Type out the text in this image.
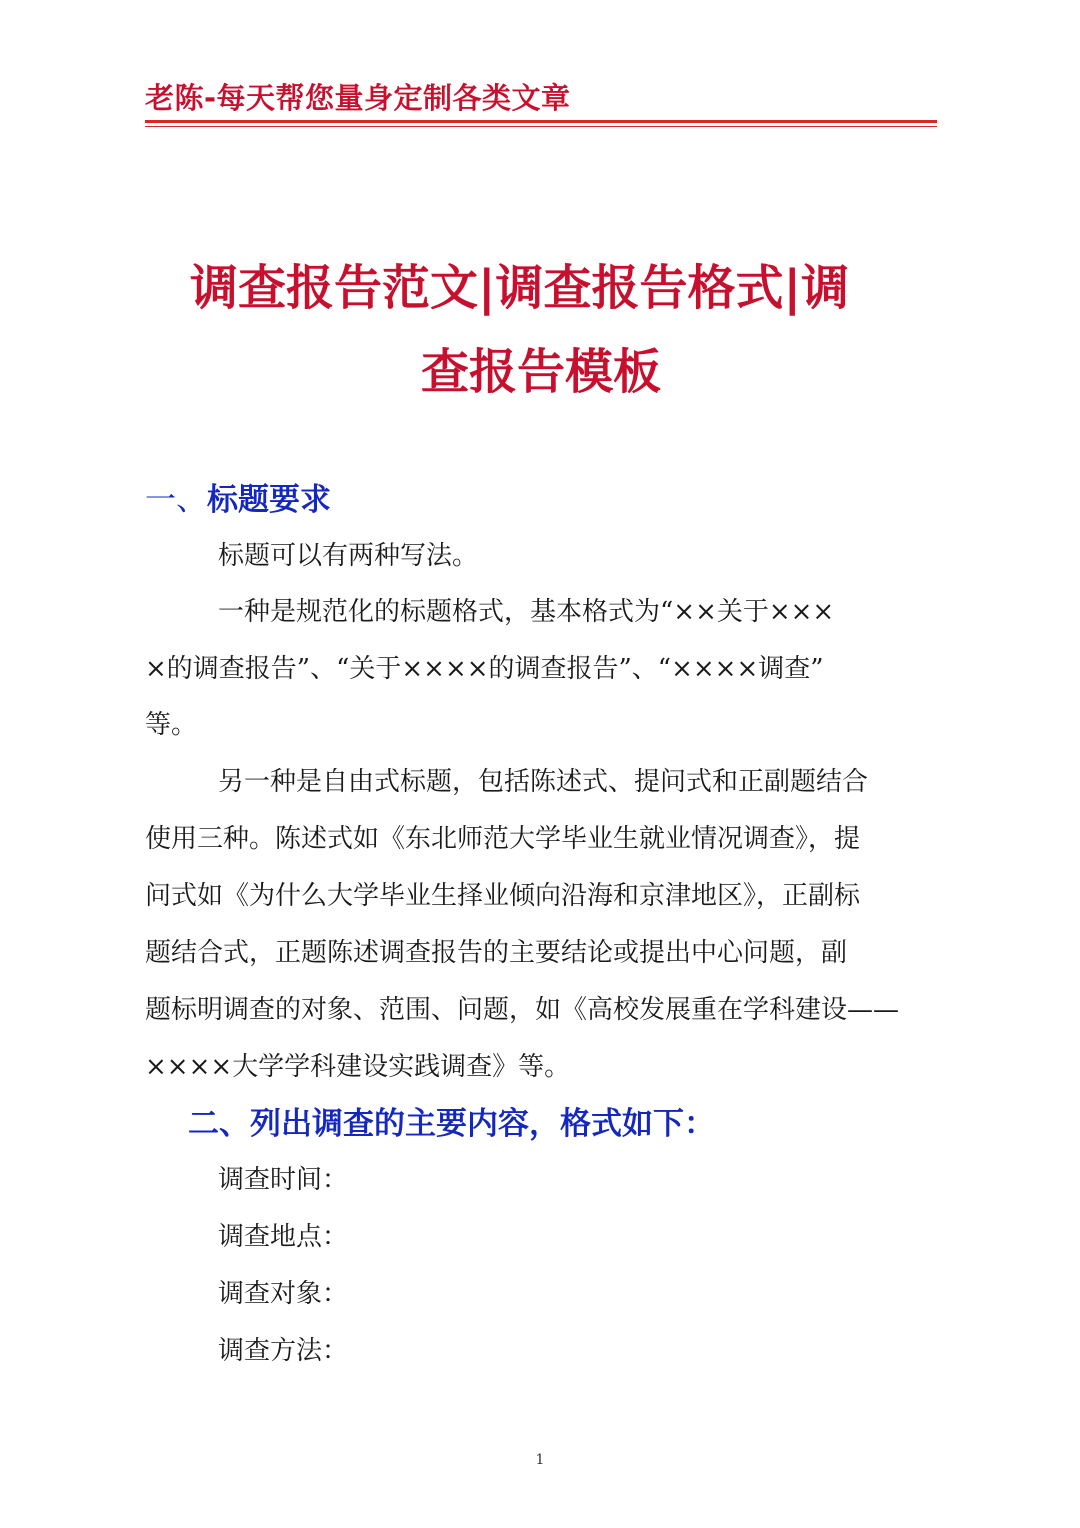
老陈-每天帮您量身定制各类文章
调查报告范文|调查报告格式|调
查报告模板
一、标题要求
标题可以有两种写法。
一种是规范化的标题格式，基本格式为“××关于×××
×的调查报告”、“关于××××的调查报告”、“××××调查”
等。
另一种是自由式标题，包括陈述式、提问式和正副题结合
使用三种。陈述式如《东北师范大学毕业生就业情况调查》，提
问式如《为什么大学毕业生择业倾向沿海和京津地区》，正副标
题结合式，正题陈述调查报告的主要结论或提出中心问题，副
题标明调查的对象、范围、问题，如《高校发展重在学科建设——
××××大学学科建设实践调查》等。
二、列出调查的主要内容，格式如下：
调查时间：
调查地点：
调查对象：
调查方法：
1
